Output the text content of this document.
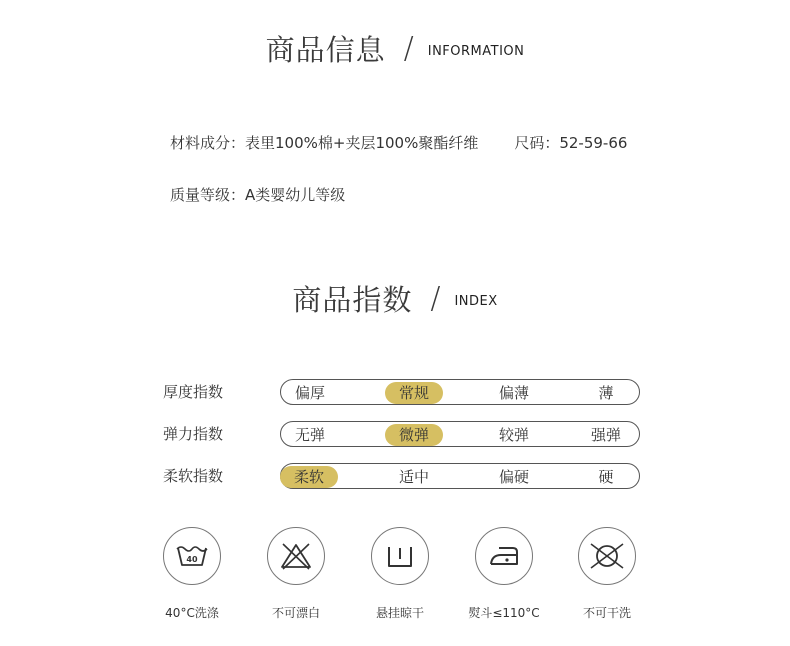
商品信息 / INFORMATION
材料成分：表里100%棉+夹层100%聚酯纤维 尺码：52-59-66
质量等级：A类婴幼儿等级
商品指数 / INDEX
厚度指数	偏厚	常规	偏薄	薄
弹力指数	无弹	微弹	较弹	强弹
柔软指数	柔软	适中	偏硬	硬
40
40°C洗涤	不可漂白	悬挂晾干	熨斗≤110°C	不可干洗
